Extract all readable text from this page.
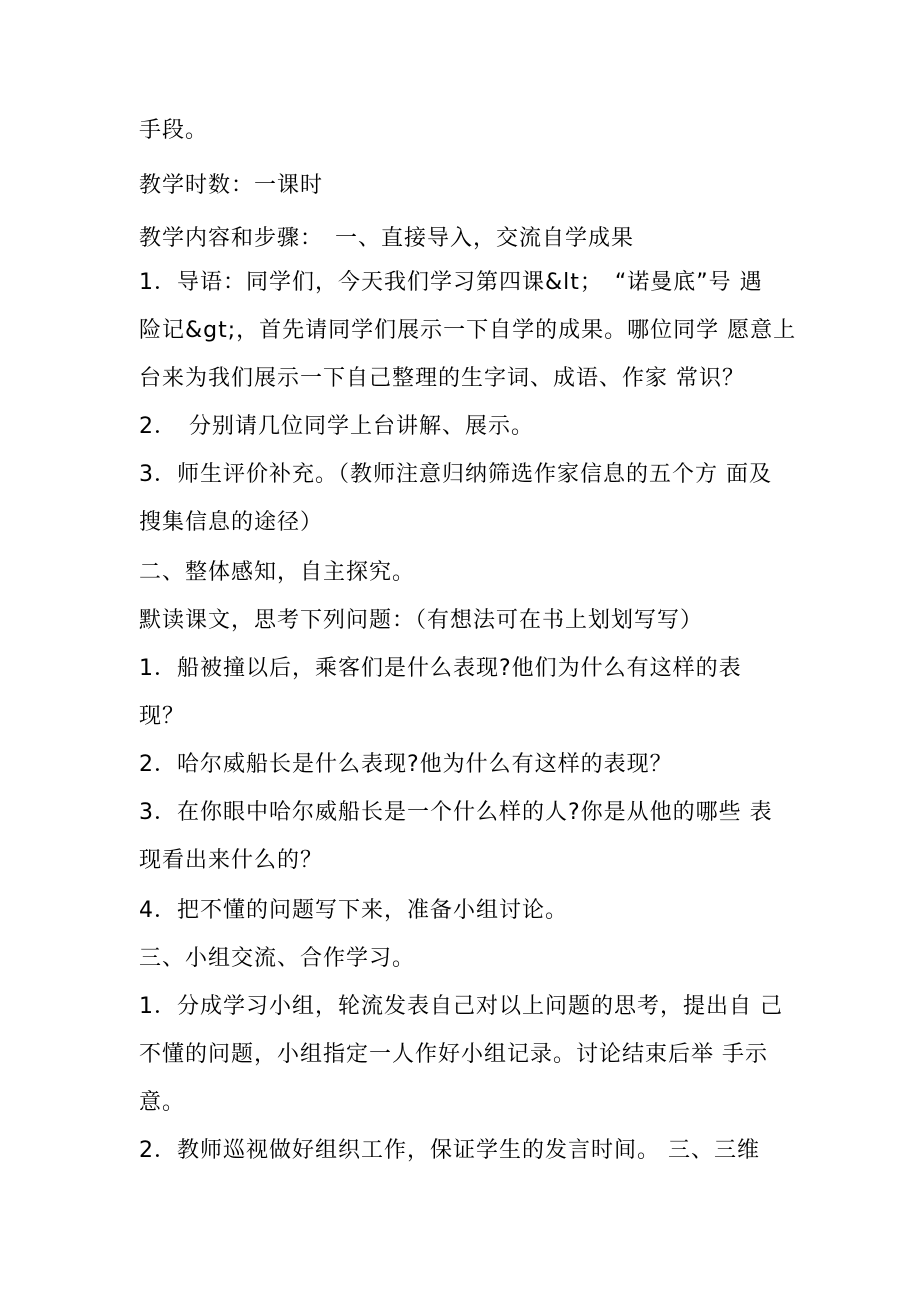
手段。
教学时数：一课时
教学内容和步骤：　一、直接导入，交流自学成果
1．导语：同学们，今天我们学习第四课&lt；　“诺曼底”号 遇
险记&gt;，首先请同学们展示一下自学的成果。哪位同学 愿意上
台来为我们展示一下自己整理的生字词、成语、作家 常识？
2．　分别请几位同学上台讲解、展示。
3．师生评价补充。（教师注意归纳筛选作家信息的五个方 面及
搜集信息的途径）
二、整体感知，自主探究。
默读课文，思考下列问题：（有想法可在书上划划写写）
1．船被撞以后，乘客们是什么表现?他们为什么有这样的表
现？
2．哈尔威船长是什么表现?他为什么有这样的表现？
3．在你眼中哈尔威船长是一个什么样的人?你是从他的哪些 表
现看出来什么的？
4．把不懂的问题写下来，准备小组讨论。
三、小组交流、合作学习。
1．分成学习小组，轮流发表自己对以上问题的思考，提出自 己
不懂的问题，小组指定一人作好小组记录。讨论结束后举 手示
意。
2．教师巡视做好组织工作，保证学生的发言时间。 三、三维
